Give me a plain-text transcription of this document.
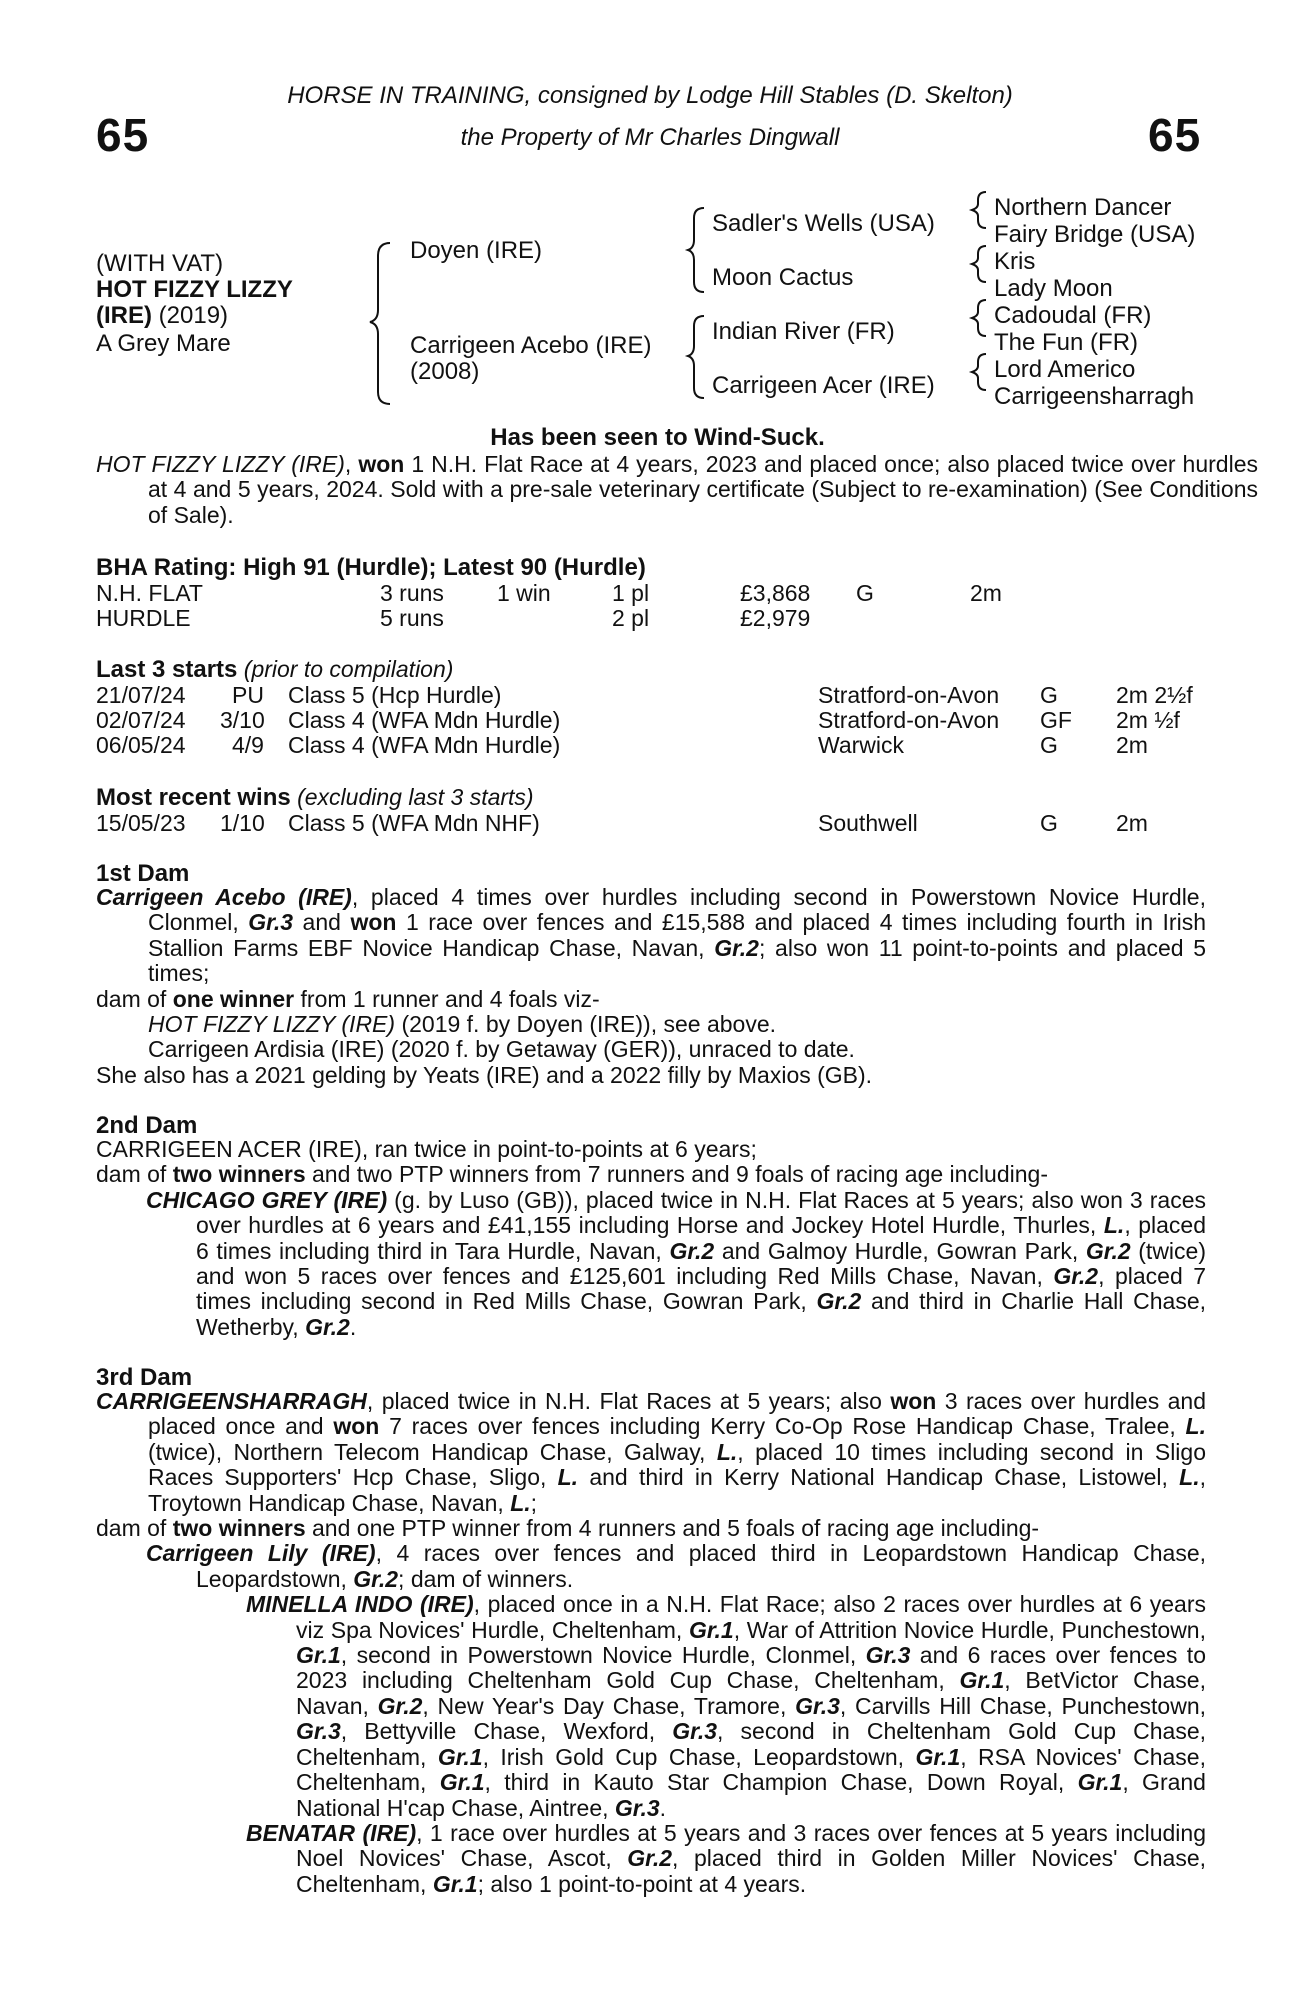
65	65
HORSE IN TRAINING, consigned by Lodge Hill Stables (D. Skelton)
the Property of Mr Charles Dingwall
(WITH VAT)
HOT FIZZY LIZZY
(IRE) (2019)
A Grey Mare
Doyen (IRE)
Carrigeen Acebo (IRE)
(2008)
Sadler's Wells (USA)
Moon Cactus
Indian River (FR)
Carrigeen Acer (IRE)
Northern Dancer
Fairy Bridge (USA)
Kris
Lady Moon
Cadoudal (FR)
The Fun (FR)
Lord Americo
Carrigeensharragh
Has been seen to Wind-Suck.
HOT FIZZY LIZZY (IRE), won 1 N.H. Flat Race at 4 years, 2023 and placed once; also placed twice over hurdles at 4 and 5 years, 2024. Sold with a pre-sale veterinary certificate (Subject to re-examination) (See Conditions of Sale).
BHA Rating: High 91 (Hurdle); Latest 90 (Hurdle)
N.H. FLAT	3 runs 1 win	1 pl	£3,868 G	2m
HURDLE	5 runs	2 pl	£2,979
Last 3 starts (prior to compilation)
21/07/24 PU Class 5 (Hcp Hurdle)	Stratford-on-Avon G	2m 2½f
02/07/24 3/10 Class 4 (WFA Mdn Hurdle)	Stratford-on-Avon GF 2m ½f
06/05/24 4/9 Class 4 (WFA Mdn Hurdle)	Warwick	G	2m
Most recent wins (excluding last 3 starts)
15/05/23 1/10 Class 5 (WFA Mdn NHF)	Southwell	G	2m
1st Dam

Carrigeen Acebo (IRE), placed 4 times over hurdles including second in Powerstown Novice Hurdle, Clonmel, Gr.3 and won 1 race over fences and £15,588 and placed 4 times including fourth in Irish Stallion Farms EBF Novice Handicap Chase, Navan, Gr.2; also won 11 point-to-points and placed 5 times;

dam of one winner from 1 runner and 4 foals viz-

HOT FIZZY LIZZY (IRE) (2019 f. by Doyen (IRE)), see above.

Carrigeen Ardisia (IRE) (2020 f. by Getaway (GER)), unraced to date.

She also has a 2021 gelding by Yeats (IRE) and a 2022 filly by Maxios (GB).

2nd Dam

CARRIGEEN ACER (IRE), ran twice in point-to-points at 6 years;

dam of two winners and two PTP winners from 7 runners and 9 foals of racing age including-

CHICAGO GREY (IRE) (g. by Luso (GB)), placed twice in N.H. Flat Races at 5 years; also won 3 races over hurdles at 6 years and £41,155 including Horse and Jockey Hotel Hurdle, Thurles, L., placed 6 times including third in Tara Hurdle, Navan, Gr.2 and Galmoy Hurdle, Gowran Park, Gr.2 (twice) and won 5 races over fences and £125,601 including Red Mills Chase, Navan, Gr.2, placed 7 times including second in Red Mills Chase, Gowran Park, Gr.2 and third in Charlie Hall Chase, Wetherby, Gr.2.

3rd Dam

CARRIGEENSHARRAGH, placed twice in N.H. Flat Races at 5 years; also won 3 races over hurdles and placed once and won 7 races over fences including Kerry Co-Op Rose Handicap Chase, Tralee, L. (twice), Northern Telecom Handicap Chase, Galway, L., placed 10 times including second in Sligo Races Supporters' Hcp Chase, Sligo, L. and third in Kerry National Handicap Chase, Listowel, L., Troytown Handicap Chase, Navan, L.;

dam of two winners and one PTP winner from 4 runners and 5 foals of racing age including-

Carrigeen Lily (IRE), 4 races over fences and placed third in Leopardstown Handicap Chase, Leopardstown, Gr.2; dam of winners.

MINELLA INDO (IRE), placed once in a N.H. Flat Race; also 2 races over hurdles at 6 years viz Spa Novices' Hurdle, Cheltenham, Gr.1, War of Attrition Novice Hurdle, Punchestown, Gr.1, second in Powerstown Novice Hurdle, Clonmel, Gr.3 and 6 races over fences to 2023 including Cheltenham Gold Cup Chase, Cheltenham, Gr.1, BetVictor Chase, Navan, Gr.2, New Year's Day Chase, Tramore, Gr.3, Carvills Hill Chase, Punchestown, Gr.3, Bettyville Chase, Wexford, Gr.3, second in Cheltenham Gold Cup Chase, Cheltenham, Gr.1, Irish Gold Cup Chase, Leopardstown, Gr.1, RSA Novices' Chase, Cheltenham, Gr.1, third in Kauto Star Champion Chase, Down Royal, Gr.1, Grand National H'cap Chase, Aintree, Gr.3.

BENATAR (IRE), 1 race over hurdles at 5 years and 3 races over fences at 5 years including Noel Novices' Chase, Ascot, Gr.2, placed third in Golden Miller Novices' Chase, Cheltenham, Gr.1; also 1 point-to-point at 4 years.
